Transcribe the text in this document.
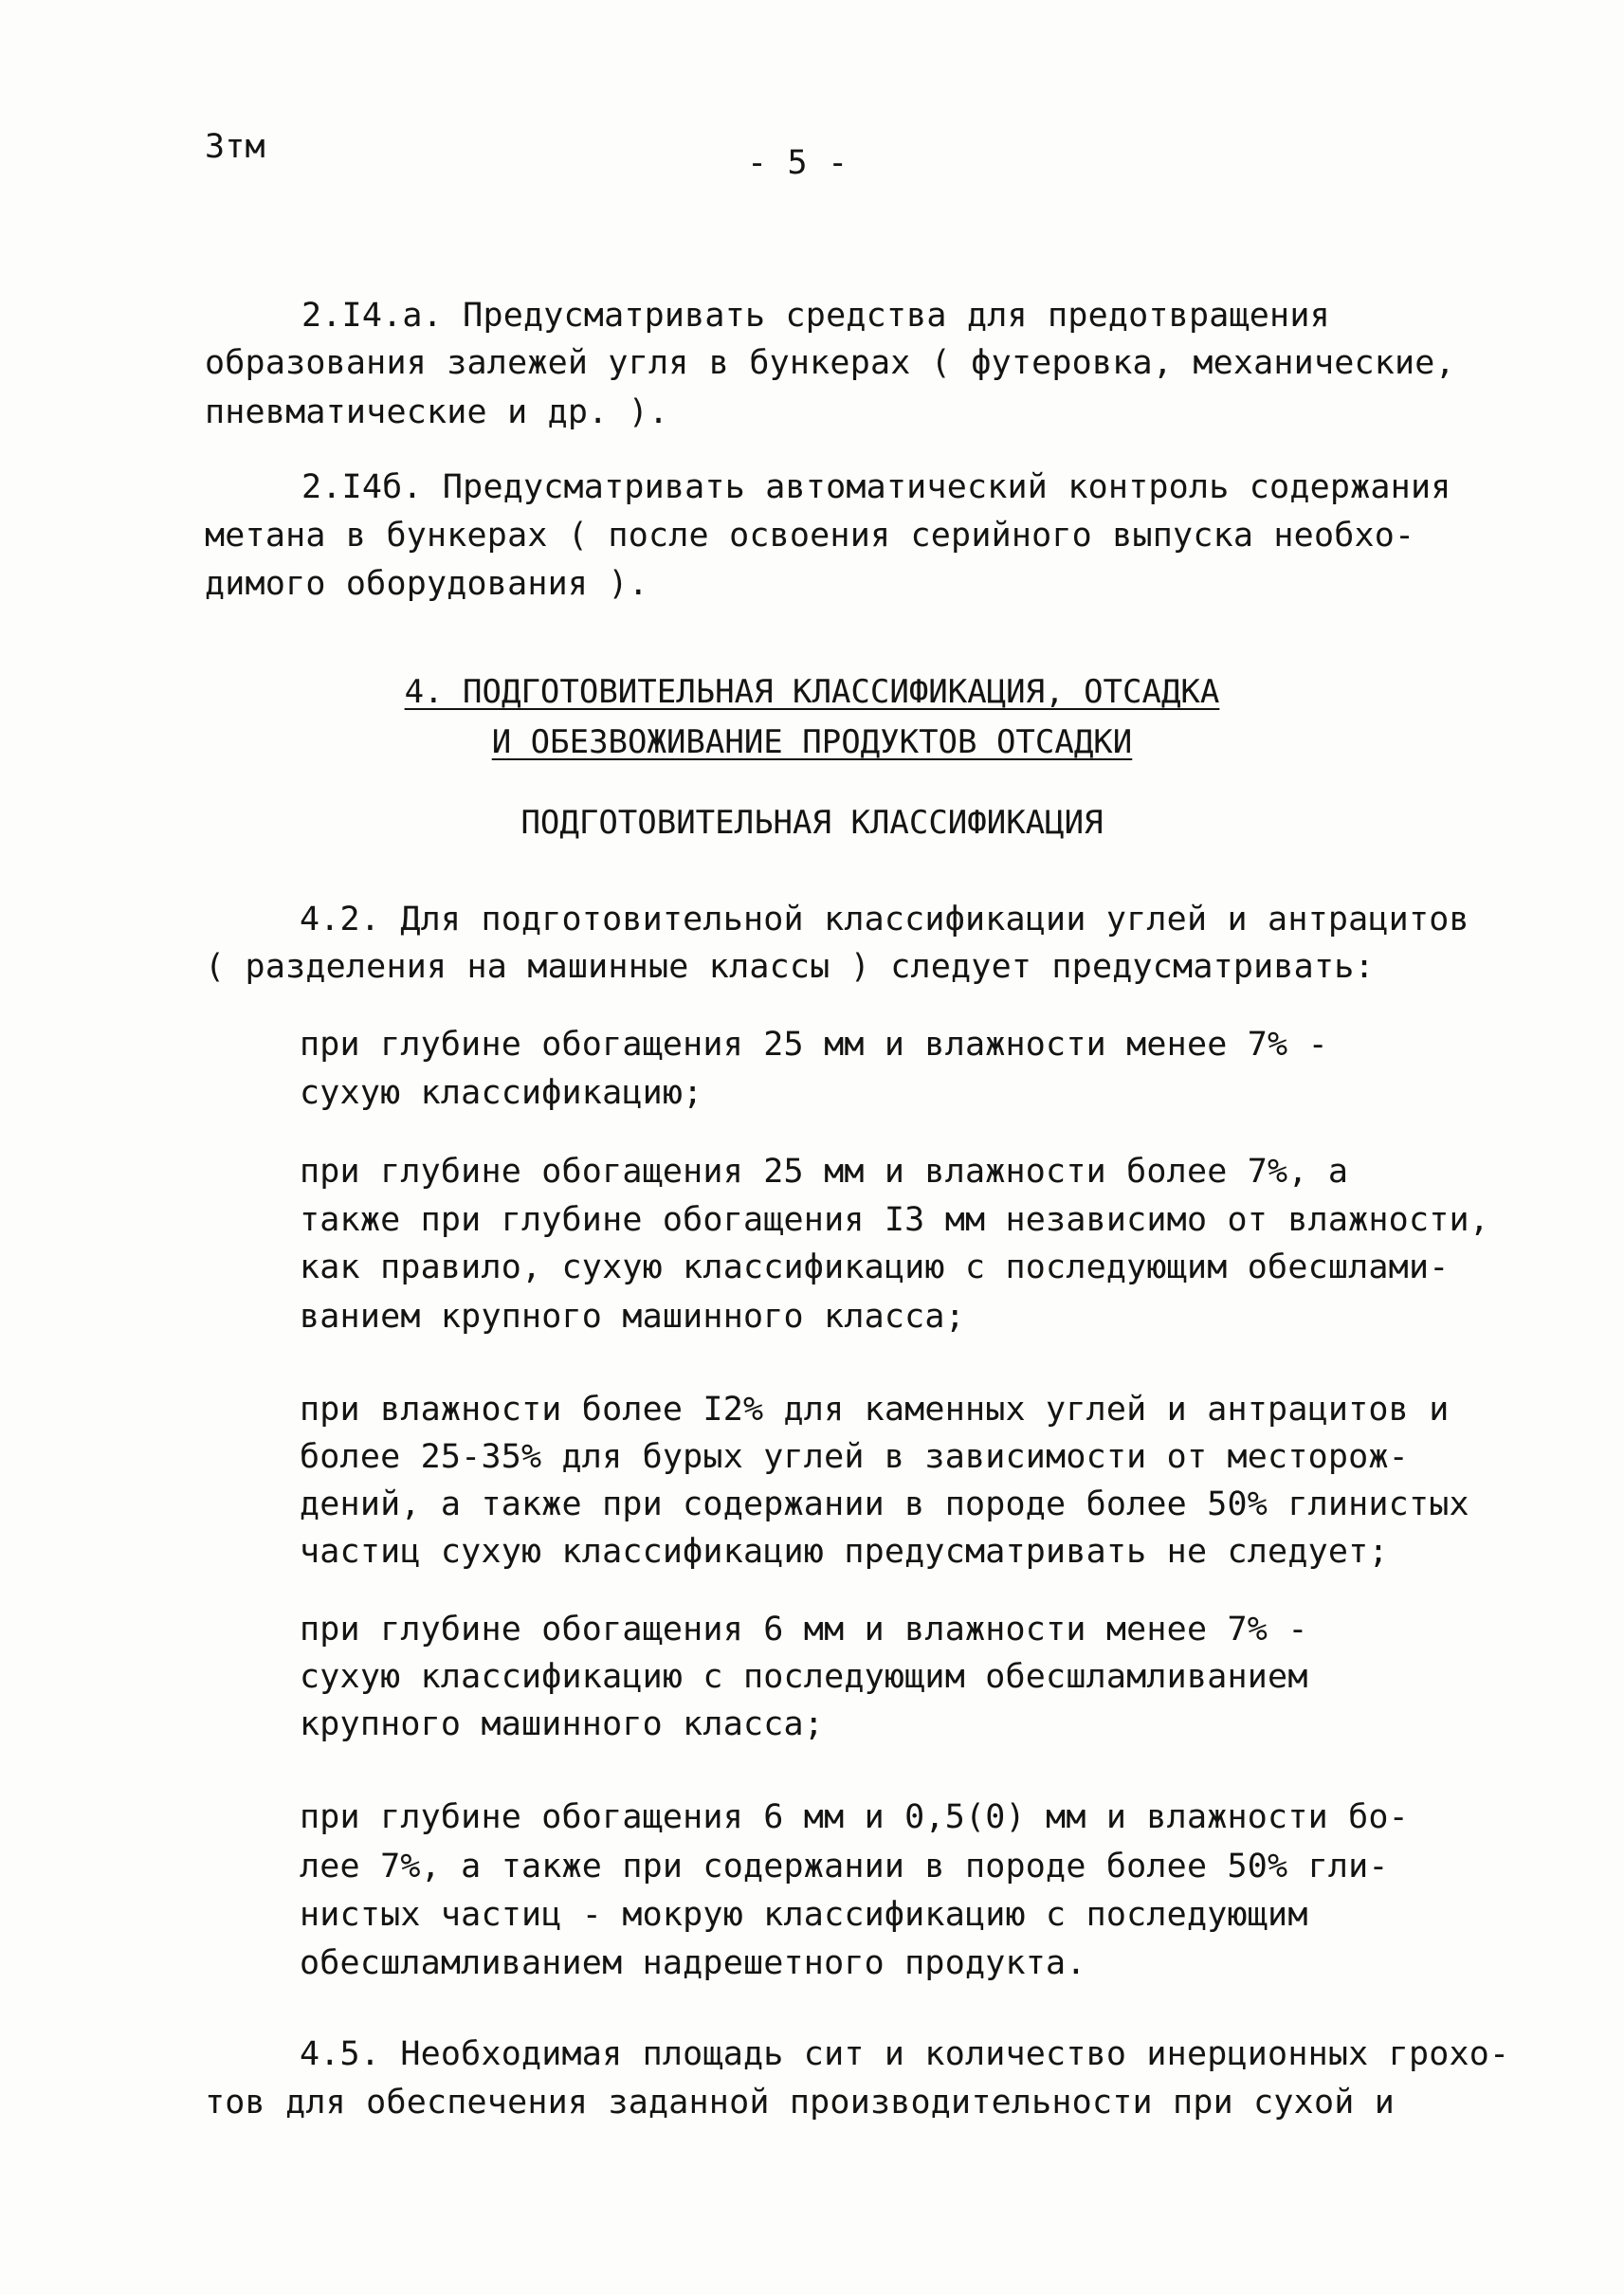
3тм	- 5 -
2.I4.а. Предусматривать средства для предотвращения
образования залежей угля в бункерах ( футеровка, механические,
пневматические и др. ).
2.I4б. Предусматривать автоматический контроль содержания
метана в бункерах ( после освоения серийного выпуска необхо-
димого оборудования ).
4. ПОДГОТОВИТЕЛЬНАЯ КЛАССИФИКАЦИЯ, ОТСАДКА
И ОБЕЗВОЖИВАНИЕ ПРОДУКТОВ ОТСАДКИ
ПОДГОТОВИТЕЛЬНАЯ КЛАССИФИКАЦИЯ
4.2. Для подготовительной классификации углей и антрацитов
( разделения на машинные классы ) следует предусматривать:
при глубине обогащения 25 мм и влажности менее 7% -
сухую классификацию;
при глубине обогащения 25 мм и влажности более 7%, а
также при глубине обогащения I3 мм независимо от влажности,
как правило, сухую классификацию с последующим обесшлами-
ванием крупного машинного класса;
при влажности более I2% для каменных углей и антрацитов и
более 25-35% для бурых углей в зависимости от месторож-
дений, а также при содержании в породе более 50% глинистых
частиц сухую классификацию предусматривать не следует;
при глубине обогащения 6 мм и влажности менее 7% -
сухую классификацию с последующим обесшламливанием
крупного машинного класса;
при глубине обогащения 6 мм и 0,5(0) мм и влажности бо-
лее 7%, а также при содержании в породе более 50% гли-
нистых частиц - мокрую классификацию с последующим
обесшламливанием надрешетного продукта.
4.5. Необходимая площадь сит и количество инерционных грохо-
тов для обеспечения заданной производительности при сухой и
